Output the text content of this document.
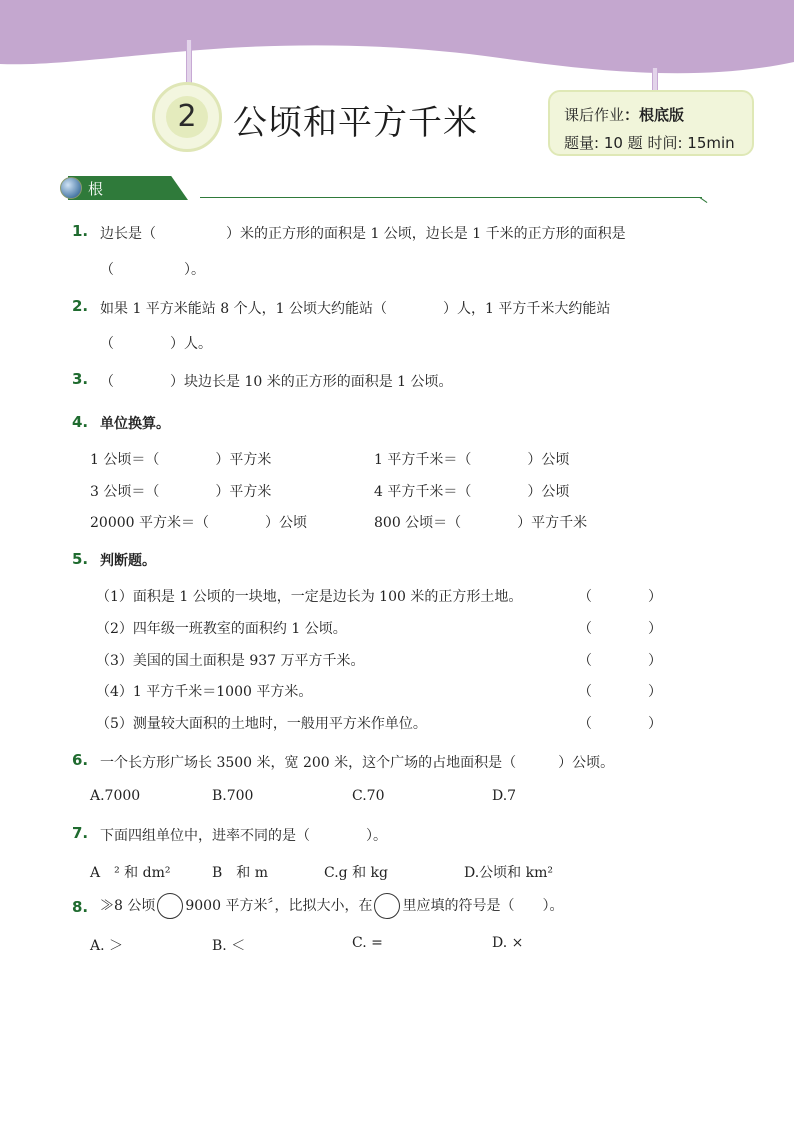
2	公顷和平方千米	课后作业：根底版
题量: 10 题 时间: 15min
根底达标
1. 边长是（　　　　　）米的正方形的面积是 1 公顷，边长是 1 千米的正方形的面积是
（　　　　　）。
2. 如果 1 平方米能站 8 个人，1 公顷大约能站（　　　　）人，1 平方千米大约能站
（　　　　）人。
3. （　　　　）块边长是 10 米的正方形的面积是 1 公顷。
4. 单位换算。
1 公顷＝（　　　　）平方米	1 平方千米＝（　　　　）公顷
3 公顷＝（　　　　）平方米	4 平方千米＝（　　　　）公顷
20000 平方米＝（　　　　）公顷	800 公顷＝（　　　　）平方千米
5. 判断题。
（1）面积是 1 公顷的一块地，一定是边长为 100 米的正方形土地。	（　　　　）
（2）四年级一班教室的面积约 1 公顷。	（　　　　）
（3）美国的国土面积是 937 万平方千米。	（　　　　）
（4）1 平方千米＝1000 平方米。	（　　　　）
（5）测量较大面积的土地时，一般用平方米作单位。	（　　　　）
6. 一个长方形广场长 3500 米，宽 200 米，这个广场的占地面积是（　　　）公顷。
A.7000	B.700	C.70	D.7
7. 下面四组单位中，进率不同的是（　　　　）。
A　² 和 dm²	B　和 m	C.g 和 kg	D.公顷和 km²
8. ≫8 公顷 9000 平方米〞，比拟大小，在 里应填的符号是（　　）。
A. ＞	B. ＜	C. =	D. ×
